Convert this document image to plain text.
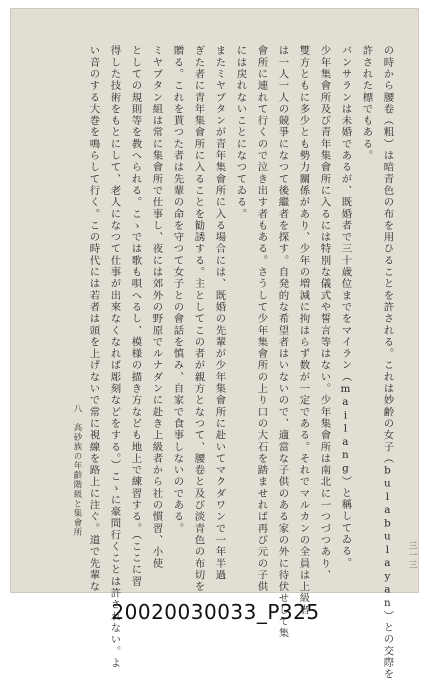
の時から腰卷（粗）は暗青色の布を用ひることを許される。これは妙齢の女子（bulabulayan）との交際を
許された標でもある。
バンサランは未婚であるが、既婚者で三十歳位までをマイラン（mailang）と稱してゐる。
少年集會所及び青年集會所に入るには特別な儀式や誓言等はない。少年集會所は南北に一つづつあり、
雙方ともに多少とも勢力關係があり、少年の増減に拘はらず数が一定である。それでマルカンの全員は上級者
は一人一人の競爭になつて後繼者を探す。自発的な希望者はいないので、適當な子供のある家の外に待伏せして集
會所に連れて行くので泣き出す者もある。さうして少年集會所の上り口の大石を踏ませれば再び元の子供
には戻れないことになつてゐる。
またミヤブタンが青年集會所に入る場合には、既婚の先輩が少年集會所に赴いてマクダワンで一年半過
ぎた者に青年集會所に入ることを勧誘する。主としてこの者が親方となつて、腰卷と及び淡青色の布切を
贈る。これを貰つた者は先輩の命を守つて女子との會話を慎み、自家で食事しないのである。
ミヤブタン組は常に集會所で仕事し、夜には郊外の野原でルナダンに赴き上級者から社の慣習、小使
としての規則等を教へられる。こゝでは歌も唄へるし、模様の描き方なども地上で練習する。（ここに習
得した技術をもとにして、老人になつて仕事が出來なくなれば彫刻などをする。）こゝに豪間行くことは許されない。よ
い音のする大巻を鳴らして行く。この時代には若者は頭を上げないで常に視線を路上に注ぐ。道で先輩な
八　高砂族の年齡階級と集會所
三一三
20020030033_P325
